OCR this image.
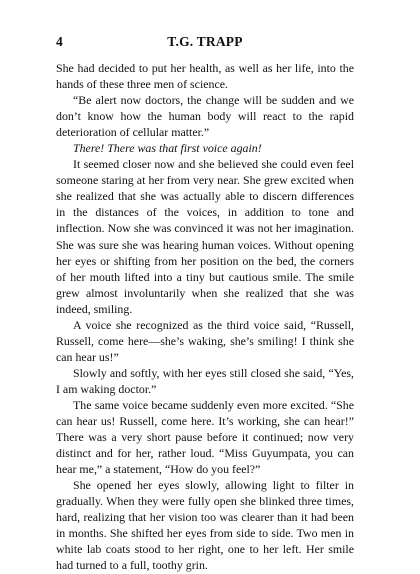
4	T.G. TRAPP

She had decided to put her health, as well as her life, into the hands of these three men of science.

“Be alert now doctors, the change will be sudden and we don’t know how the human body will react to the rapid deterioration of cellular matter.”

There! There was that first voice again!

It seemed closer now and she believed she could even feel someone staring at her from very near. She grew excited when she realized that she was actually able to discern differences in the distances of the voices, in addition to tone and inflection. Now she was convinced it was not her imagination. She was sure she was hearing human voices. Without opening her eyes or shifting from her position on the bed, the corners of her mouth lifted into a tiny but cautious smile. The smile grew almost involuntarily when she realized that she was indeed, smiling.

A voice she recognized as the third voice said, “Russell, Russell, come here—she’s waking, she’s smiling! I think she can hear us!”

Slowly and softly, with her eyes still closed she said, “Yes, I am waking doctor.”

The same voice became suddenly even more excited. “She can hear us! Russell, come here. It’s working, she can hear!” There was a very short pause before it continued; now very distinct and for her, rather loud. “Miss Guyumpata, you can hear me,” a statement, “How do you feel?”

She opened her eyes slowly, allowing light to filter in gradually. When they were fully open she blinked three times, hard, realizing that her vision too was clearer than it had been in months. She shifted her eyes from side to side. Two men in white lab coats stood to her right, one to her left. Her smile had turned to a full, toothy grin.
